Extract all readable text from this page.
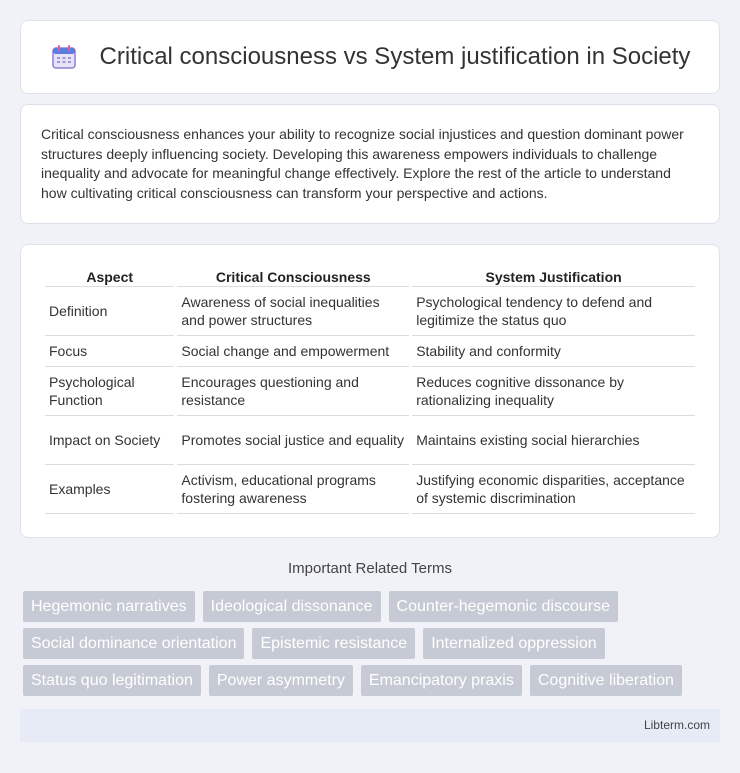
Critical consciousness vs System justification in Society

Critical consciousness enhances your ability to recognize social injustices and question dominant power structures deeply influencing society. Developing this awareness empowers individuals to challenge inequality and advocate for meaningful change effectively. Explore the rest of the article to understand how cultivating critical consciousness can transform your perspective and actions.

Aspect	Critical Consciousness	System Justification
Definition	Awareness of social inequalities and power structures	Psychological tendency to defend and legitimize the status quo
Focus	Social change and empowerment	Stability and conformity
Psychological Function	Encourages questioning and resistance	Reduces cognitive dissonance by rationalizing inequality
Impact on Society	Promotes social justice and equality	Maintains existing social hierarchies
Examples	Activism, educational programs fostering awareness	Justifying economic disparities, acceptance of systemic discrimination
Important Related Terms
Hegemonic narratives	Ideological dissonance	Counter-hegemonic discourse
Social dominance orientation	Epistemic resistance	Internalized oppression
Status quo legitimation	Power asymmetry	Emancipatory praxis	Cognitive liberation
Libterm.com
